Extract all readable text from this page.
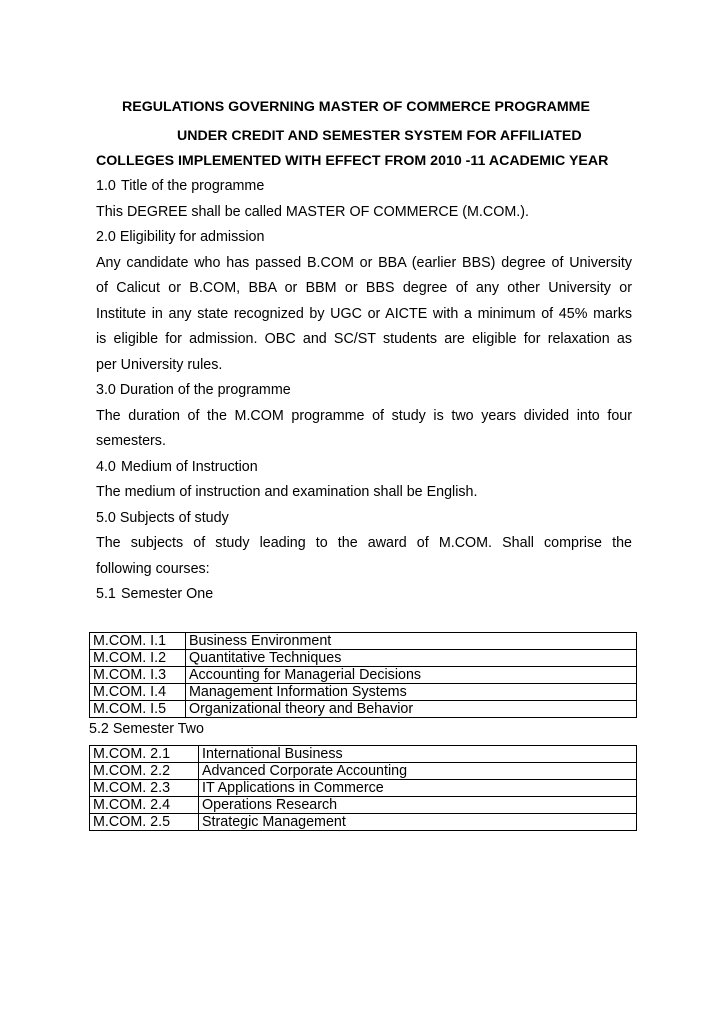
REGULATIONS GOVERNING MASTER OF COMMERCE PROGRAMME
UNDER CREDIT AND SEMESTER SYSTEM FOR AFFILIATED
COLLEGES IMPLEMENTED WITH EFFECT FROM 2010 -11 ACADEMIC YEAR
1.0 Title of the programme
This DEGREE shall be called MASTER OF COMMERCE (M.COM.).
2.0 Eligibility for admission
Any candidate who has passed B.COM or BBA (earlier BBS) degree of University
of Calicut or B.COM, BBA or BBM or BBS degree of any other University or
Institute in any state recognized by UGC or AICTE with a minimum of 45% marks
is eligible for admission. OBC and SC/ST students are eligible for relaxation as
per University rules.
3.0 Duration of the programme
The duration of the M.COM programme of study is two years divided into four
semesters.
4.0 Medium of Instruction
The medium of instruction and examination shall be English.
5.0 Subjects of study
The subjects of study leading to the award of M.COM. Shall comprise the
following courses:
5.1 Semester One
M.COM. I.1	Business Environment
M.COM. I.2	Quantitative Techniques
M.COM. I.3	Accounting for Managerial Decisions
M.COM. I.4	Management Information Systems
M.COM. I.5	Organizational theory and Behavior
5.2 Semester Two
M.COM. 2.1	International Business
M.COM. 2.2	Advanced Corporate Accounting
M.COM. 2.3	IT Applications in Commerce
M.COM. 2.4	Operations Research
M.COM. 2.5	Strategic Management
